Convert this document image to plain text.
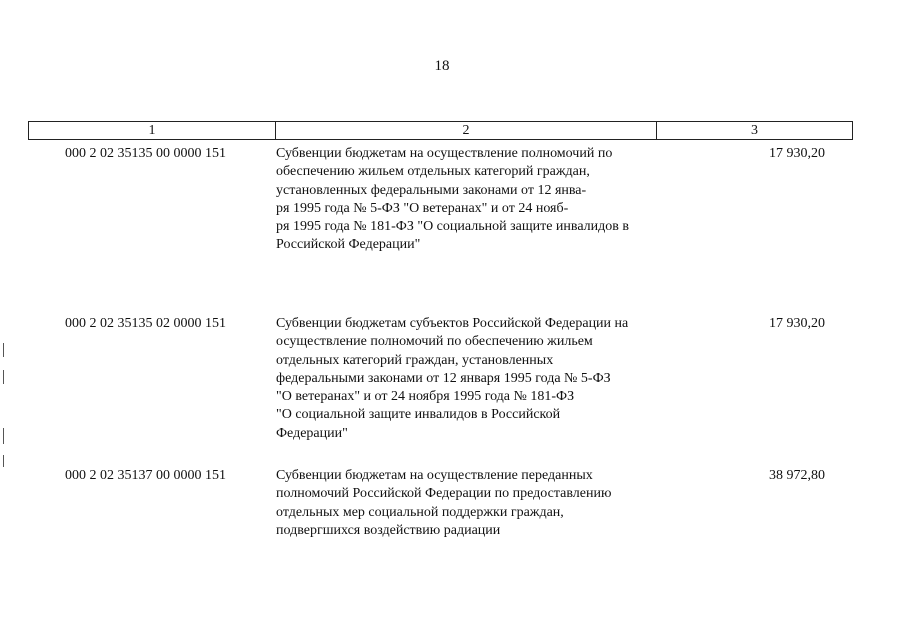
18
1	2	3
000 2 02 35135 00 0000 151	Субвенции бюджетам на осуществление полномочий по
обеспечению жильем отдельных категорий граждан,
установленных федеральными законами от 12 янва-
ря 1995 года № 5-ФЗ "О ветеранах" и от 24 нояб-
ря 1995 года № 181-ФЗ "О социальной защите инвалидов в
Российской Федерации"
17 930,20
000 2 02 35135 02 0000 151	Субвенции бюджетам субъектов Российской Федерации на
осуществление полномочий по обеспечению жильем
отдельных категорий граждан, установленных
федеральными законами от 12 января 1995 года № 5-ФЗ
"О ветеранах" и от 24 ноября 1995 года № 181-ФЗ
"О социальной защите инвалидов в Российской
Федерации"
17 930,20
000 2 02 35137 00 0000 151	Субвенции бюджетам на осуществление переданных
полномочий Российской Федерации по предоставлению
отдельных мер социальной поддержки граждан,
подвергшихся воздействию радиации
38 972,80
